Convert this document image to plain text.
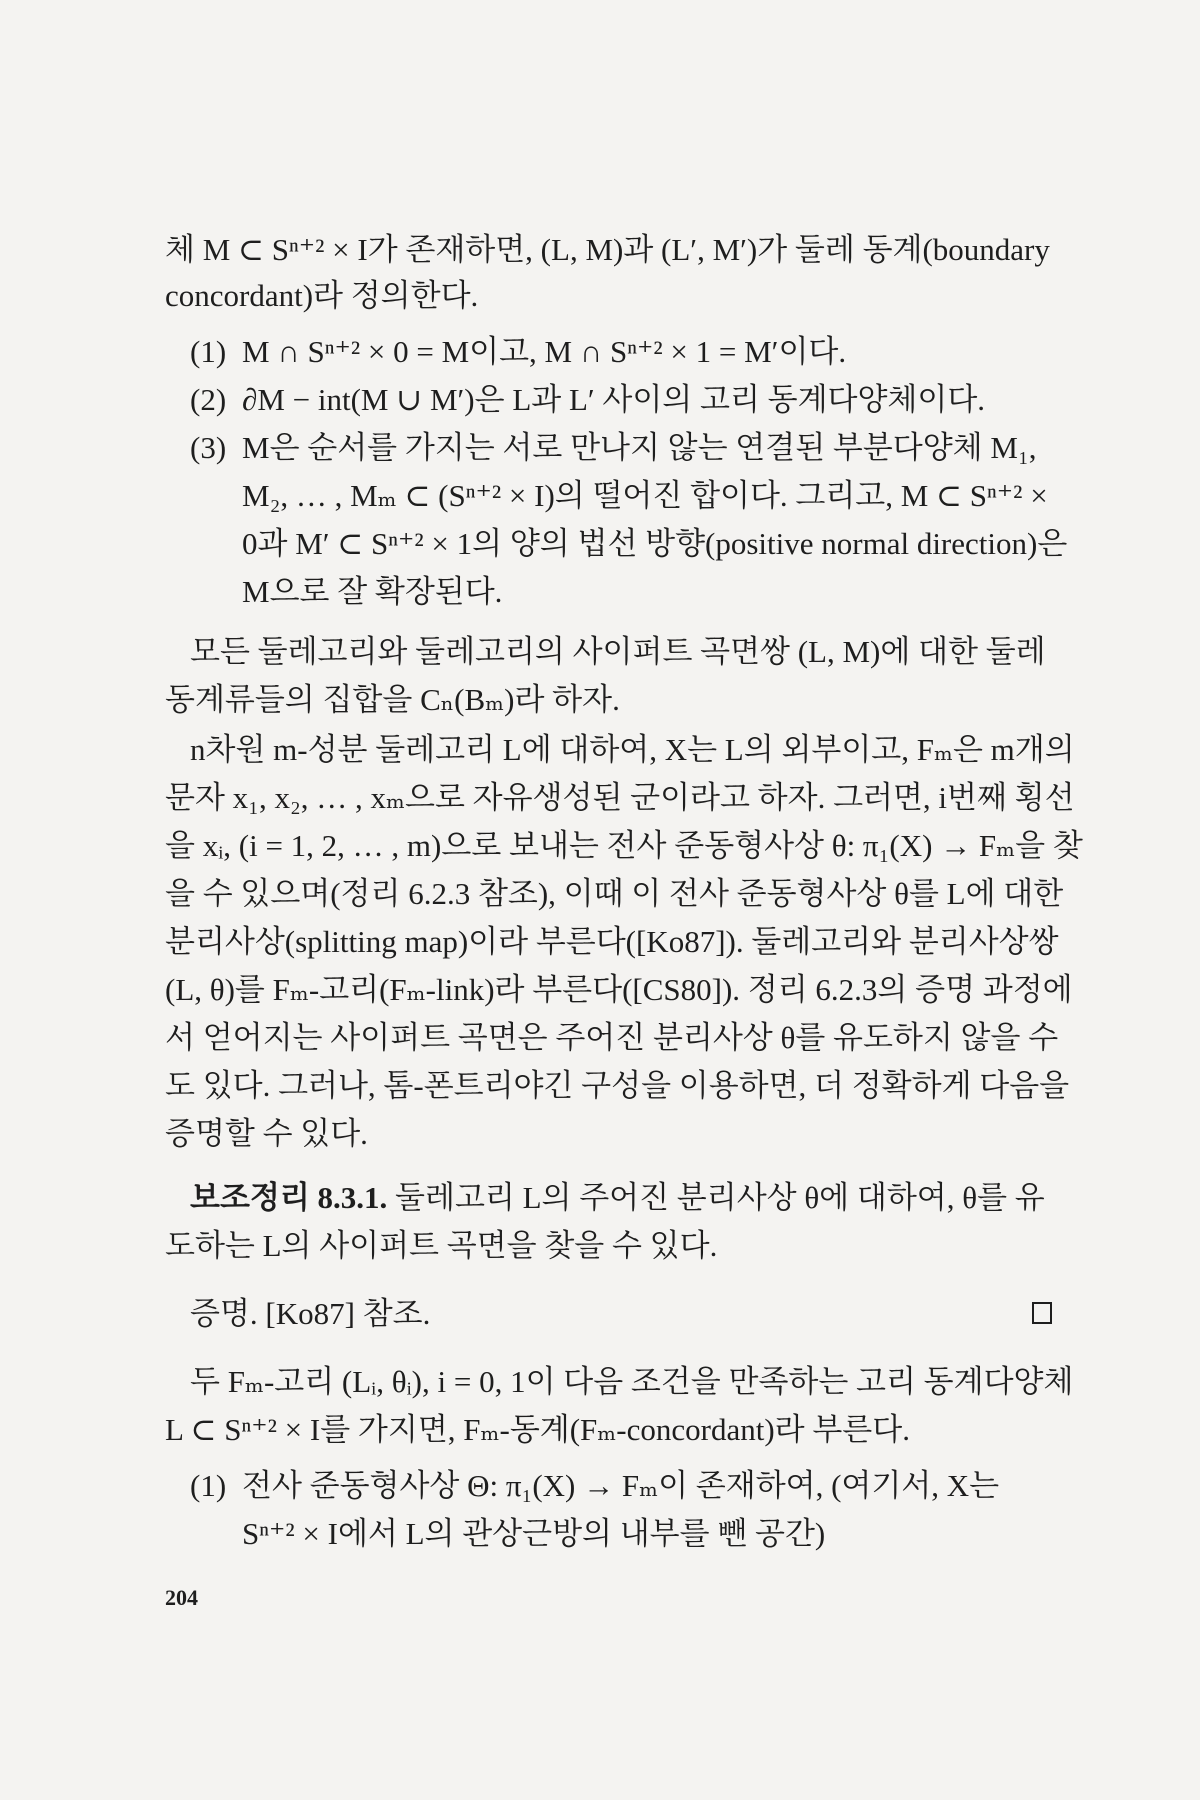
체 M ⊂ Sⁿ⁺² × I가 존재하면, (L, M)과 (L′, M′)가 둘레 동계(boundary
concordant)라 정의한다.
(1) M ∩ Sⁿ⁺² × 0 = M이고, M ∩ Sⁿ⁺² × 1 = M′이다.
(2) ∂M − int(M ∪ M′)은 L과 L′ 사이의 고리 동계다양체이다.
(3) M은 순서를 가지는 서로 만나지 않는 연결된 부분다양체 M₁,
M₂, … , Mₘ ⊂ (Sⁿ⁺² × I)의 떨어진 합이다. 그리고, M ⊂ Sⁿ⁺² ×
0과 M′ ⊂ Sⁿ⁺² × 1의 양의 법선 방향(positive normal direction)은
M으로 잘 확장된다.
모든 둘레고리와 둘레고리의 사이퍼트 곡면쌍 (L, M)에 대한 둘레
동계류들의 집합을 Cₙ(Bₘ)라 하자.
n차원 m-성분 둘레고리 L에 대하여, X는 L의 외부이고, Fₘ은 m개의
문자 x₁, x₂, … , xₘ으로 자유생성된 군이라고 하자. 그러면, i번째 횡선
을 xᵢ, (i = 1, 2, … , m)으로 보내는 전사 준동형사상 θ: π₁(X) → Fₘ을 찾
을 수 있으며(정리 6.2.3 참조), 이때 이 전사 준동형사상 θ를 L에 대한
분리사상(splitting map)이라 부른다([Ko87]). 둘레고리와 분리사상쌍
(L, θ)를 Fₘ-고리(Fₘ-link)라 부른다([CS80]). 정리 6.2.3의 증명 과정에
서 얻어지는 사이퍼트 곡면은 주어진 분리사상 θ를 유도하지 않을 수
도 있다. 그러나, 톰-폰트리야긴 구성을 이용하면, 더 정확하게 다음을
증명할 수 있다.
보조정리 8.3.1. 둘레고리 L의 주어진 분리사상 θ에 대하여, θ를 유
도하는 L의 사이퍼트 곡면을 찾을 수 있다.
증명. [Ko87] 참조.
두 Fₘ-고리 (Lᵢ, θᵢ), i = 0, 1이 다음 조건을 만족하는 고리 동계다양체
L ⊂ Sⁿ⁺² × I를 가지면, Fₘ-동계(Fₘ-concordant)라 부른다.
(1) 전사 준동형사상 Θ: π₁(X) → Fₘ이 존재하여, (여기서, X는
Sⁿ⁺² × I에서 L의 관상근방의 내부를 뺀 공간)
204
